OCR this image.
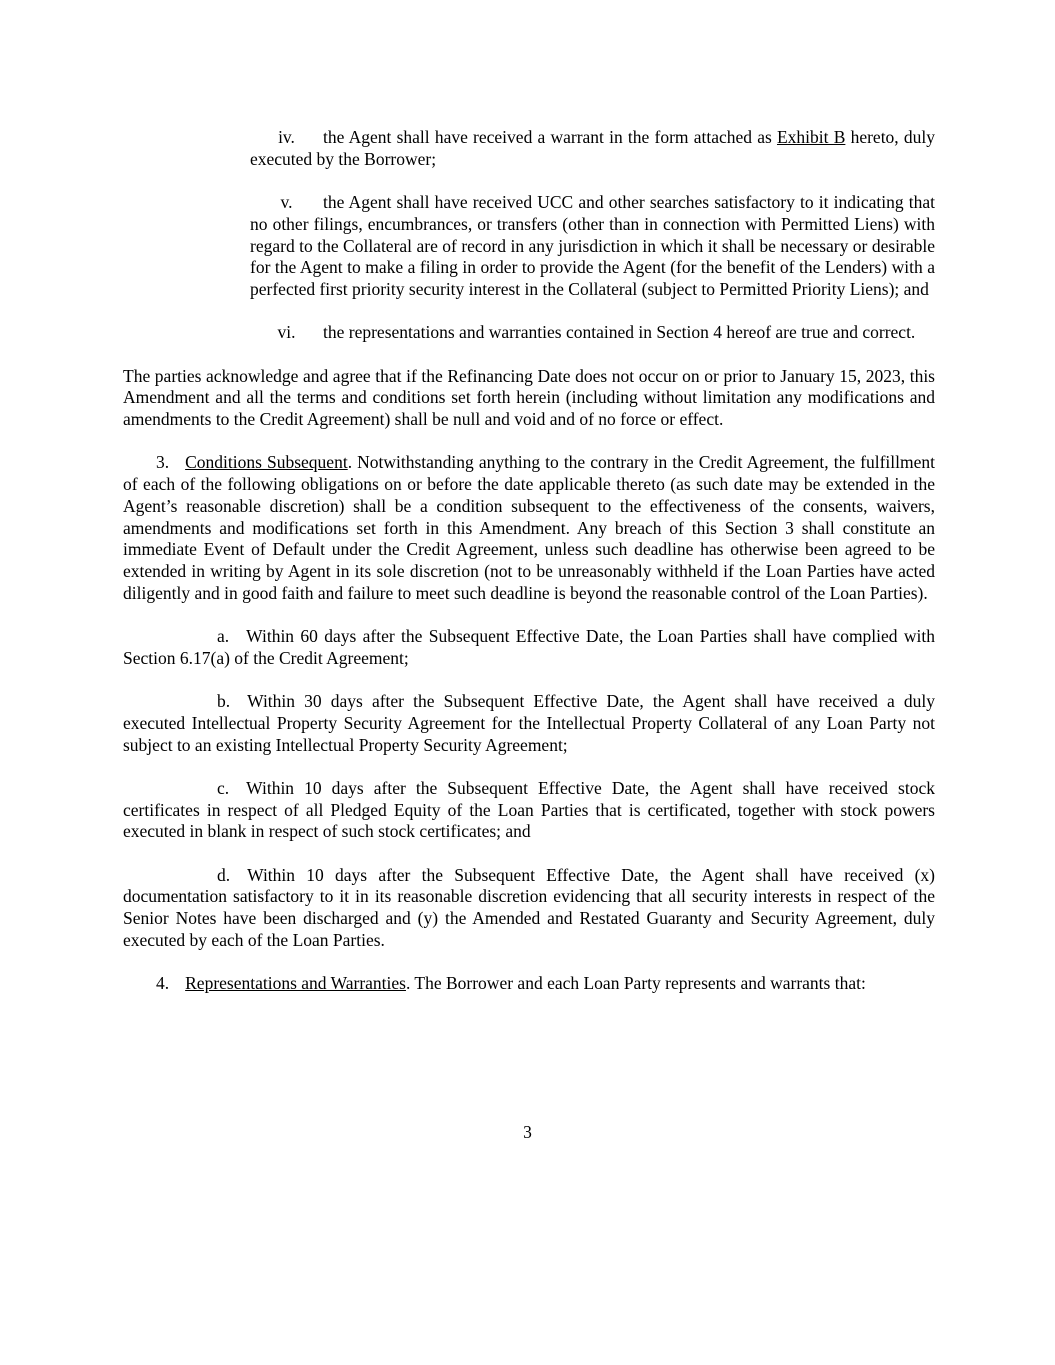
iv. the Agent shall have received a warrant in the form attached as Exhibit B hereto, duly executed by the Borrower;

v. the Agent shall have received UCC and other searches satisfactory to it indicating that no other filings, encumbrances, or transfers (other than in connection with Permitted Liens) with regard to the Collateral are of record in any jurisdiction in which it shall be necessary or desirable for the Agent to make a filing in order to provide the Agent (for the benefit of the Lenders) with a perfected first priority security interest in the Collateral (subject to Permitted Priority Liens); and

vi. the representations and warranties contained in Section 4 hereof are true and correct.

The parties acknowledge and agree that if the Refinancing Date does not occur on or prior to January 15, 2023, this Amendment and all the terms and conditions set forth herein (including without limitation any modifications and amendments to the Credit Agreement) shall be null and void and of no force or effect.

3. Conditions Subsequent. Notwithstanding anything to the contrary in the Credit Agreement, the fulfillment of each of the following obligations on or before the date applicable thereto (as such date may be extended in the Agent’s reasonable discretion) shall be a condition subsequent to the effectiveness of the consents, waivers, amendments and modifications set forth in this Amendment. Any breach of this Section 3 shall constitute an immediate Event of Default under the Credit Agreement, unless such deadline has otherwise been agreed to be extended in writing by Agent in its sole discretion (not to be unreasonably withheld if the Loan Parties have acted diligently and in good faith and failure to meet such deadline is beyond the reasonable control of the Loan Parties).

a. Within 60 days after the Subsequent Effective Date, the Loan Parties shall have complied with Section 6.17(a) of the Credit Agreement;

b. Within 30 days after the Subsequent Effective Date, the Agent shall have received a duly executed Intellectual Property Security Agreement for the Intellectual Property Collateral of any Loan Party not subject to an existing Intellectual Property Security Agreement;

c. Within 10 days after the Subsequent Effective Date, the Agent shall have received stock certificates in respect of all Pledged Equity of the Loan Parties that is certificated, together with stock powers executed in blank in respect of such stock certificates; and

d. Within 10 days after the Subsequent Effective Date, the Agent shall have received (x) documentation satisfactory to it in its reasonable discretion evidencing that all security interests in respect of the Senior Notes have been discharged and (y) the Amended and Restated Guaranty and Security Agreement, duly executed by each of the Loan Parties.

4. Representations and Warranties. The Borrower and each Loan Party represents and warrants that:

3
